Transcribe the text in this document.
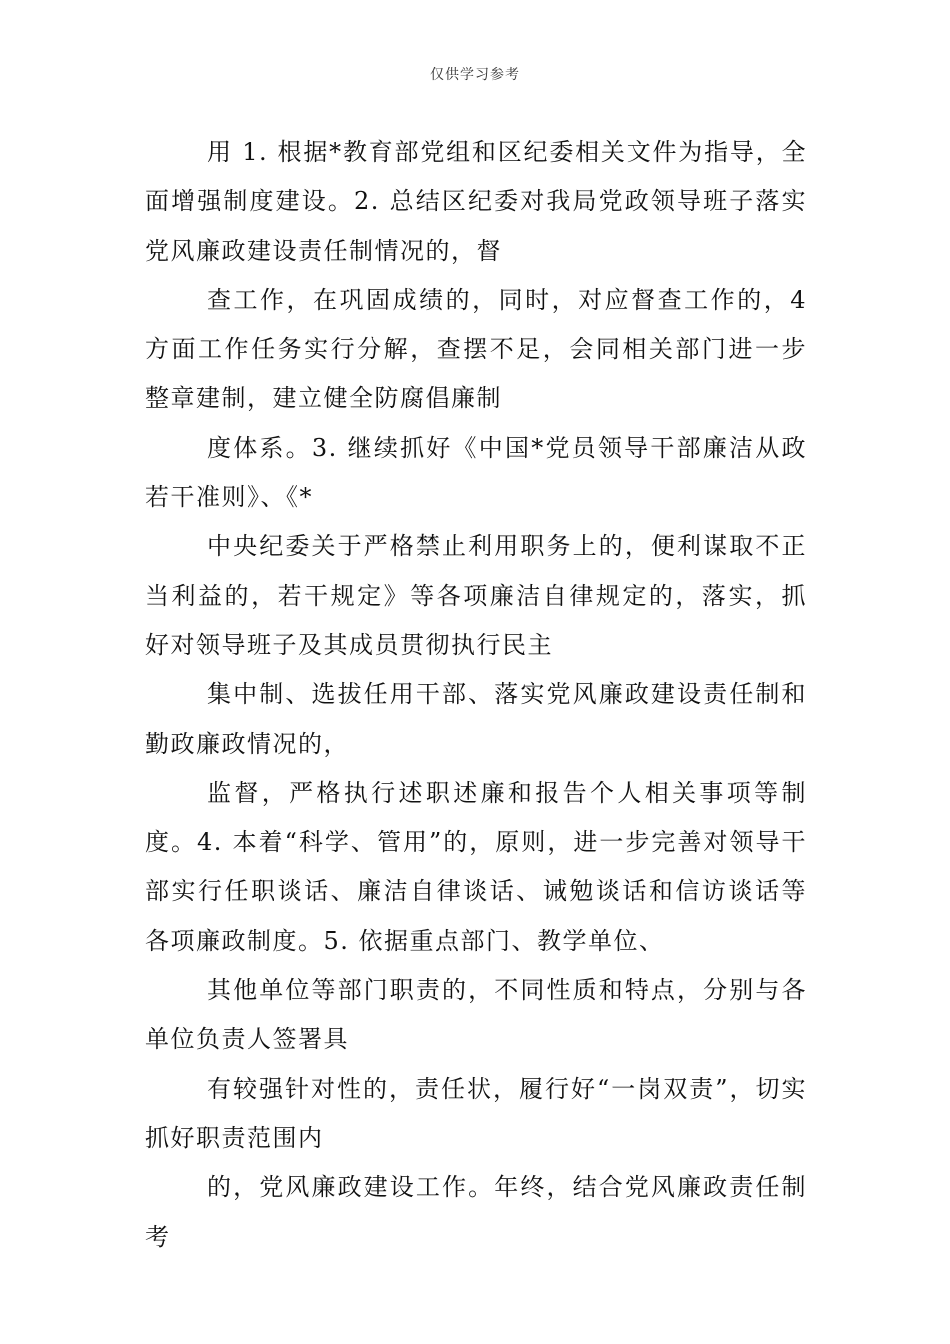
仅供学习参考

用 1. 根据*教育部党组和区纪委相关文件为指导，全面增强制度建设。2. 总结区纪委对我局党政领导班子落实党风廉政建设责任制情况的，督

查工作，在巩固成绩的，同时，对应督查工作的，4 方面工作任务实行分解，查摆不足，会同相关部门进一步整章建制，建立健全防腐倡廉制

度体系。3. 继续抓好《中国*党员领导干部廉洁从政若干准则》、《*

中央纪委关于严格禁止利用职务上的，便利谋取不正当利益的，若干规定》等各项廉洁自律规定的，落实，抓好对领导班子及其成员贯彻执行民主

集中制、选拔任用干部、落实党风廉政建设责任制和勤政廉政情况的，

监督，严格执行述职述廉和报告个人相关事项等制度。4. 本着“科学、管用”的，原则，进一步完善对领导干部实行任职谈话、廉洁自律谈话、诫勉谈话和信访谈话等各项廉政制度。5. 依据重点部门、教学单位、

其他单位等部门职责的，不同性质和特点，分别与各单位负责人签署具

有较强针对性的，责任状，履行好“一岗双责”，切实抓好职责范围内

的，党风廉政建设工作。年终，结合党风廉政责任制考
